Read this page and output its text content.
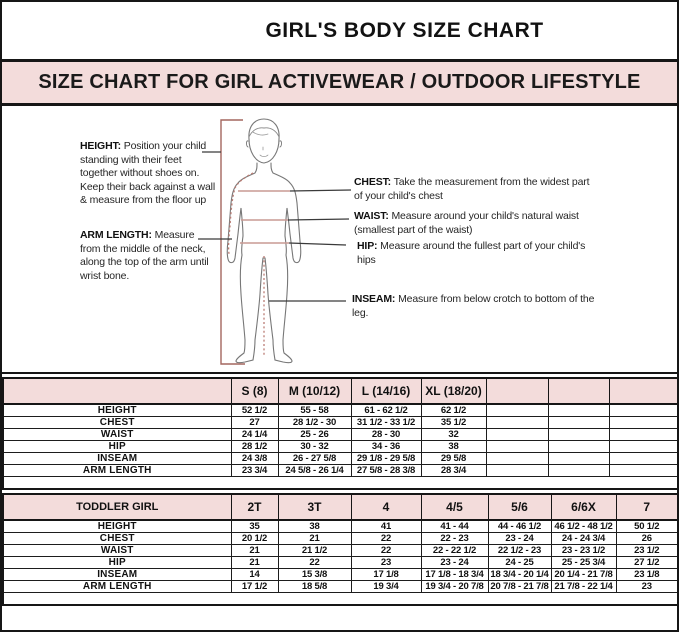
GIRL'S BODY SIZE CHART
SIZE CHART FOR GIRL ACTIVEWEAR / OUTDOOR LIFESTYLE
HEIGHT: Position your child standing with their feet together without shoes on. Keep their back against a wall & measure from the floor up
ARM LENGTH: Measure from the middle of the neck, along the top of the arm until wrist bone.
CHEST: Take the measurement from the widest part of your child's chest
WAIST: Measure around your child's natural waist (smallest part of the waist)
HIP: Measure around the fullest part of your child's hips
INSEAM: Measure from below crotch to bottom of the leg.
	S (8)	M (10/12)	L (14/16)	XL (18/20)			
HEIGHT	52 1/2	55 - 58	61 - 62 1/2	62 1/2			
CHEST	27	28 1/2 - 30	31 1/2 - 33 1/2	35 1/2			
WAIST	24 1/4	25 - 26	28 - 30	32			
HIP	28 1/2	30 - 32	34 - 36	38			
INSEAM	24 3/8	26 - 27 5/8	29 1/8 - 29 5/8	29 5/8			
ARM LENGTH	23 3/4	24 5/8 - 26 1/4	27 5/8 - 28 3/8	28 3/4			

TODDLER GIRL	2T	3T	4	4/5	5/6	6/6X	7
HEIGHT	35	38	41	41 - 44	44 - 46 1/2	46 1/2 - 48 1/2	50 1/2
CHEST	20 1/2	21	22	22 - 23	23 - 24	24 - 24 3/4	26
WAIST	21	21 1/2	22	22 - 22 1/2	22 1/2 - 23	23 - 23 1/2	23 1/2
HIP	21	22	23	23 - 24	24 - 25	25 - 25 3/4	27 1/2
INSEAM	14	15 3/8	17 1/8	17 1/8 - 18 3/4	18 3/4 - 20 1/4	20 1/4 - 21 7/8	23 1/8
ARM LENGTH	17 1/2	18 5/8	19 3/4	19 3/4 - 20 7/8	20 7/8 - 21 7/8	21 7/8 - 22 1/4	23
